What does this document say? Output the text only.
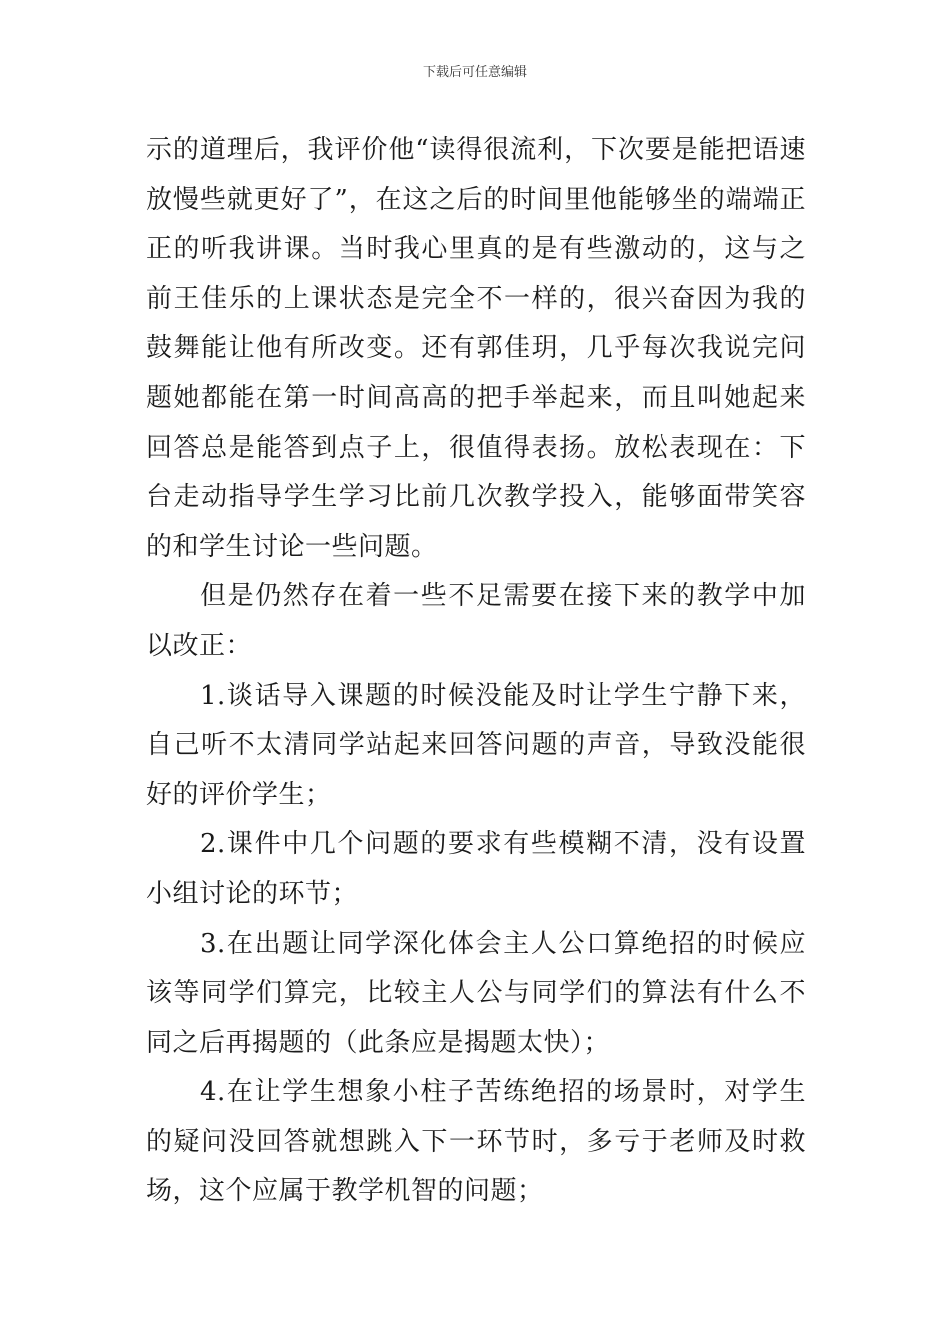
下载后可任意编辑

示的道理后，我评价他“读得很流利，下次要是能把语速放慢些就更好了”，在这之后的时间里他能够坐的端端正正的听我讲课。当时我心里真的是有些激动的，这与之前王佳乐的上课状态是完全不一样的，很兴奋因为我的鼓舞能让他有所改变。还有郭佳玥，几乎每次我说完问题她都能在第一时间高高的把手举起来，而且叫她起来回答总是能答到点子上，很值得表扬。放松表现在：下台走动指导学生学习比前几次教学投入，能够面带笑容的和学生讨论一些问题。

但是仍然存在着一些不足需要在接下来的教学中加以改正：

1.谈话导入课题的时候没能及时让学生宁静下来，自己听不太清同学站起来回答问题的声音，导致没能很好的评价学生；

2.课件中几个问题的要求有些模糊不清，没有设置小组讨论的环节；

3.在出题让同学深化体会主人公口算绝招的时候应该等同学们算完，比较主人公与同学们的算法有什么不同之后再揭题的（此条应是揭题太快）；

4.在让学生想象小柱子苦练绝招的场景时，对学生的疑问没回答就想跳入下一环节时，多亏于老师及时救场，这个应属于教学机智的问题；
